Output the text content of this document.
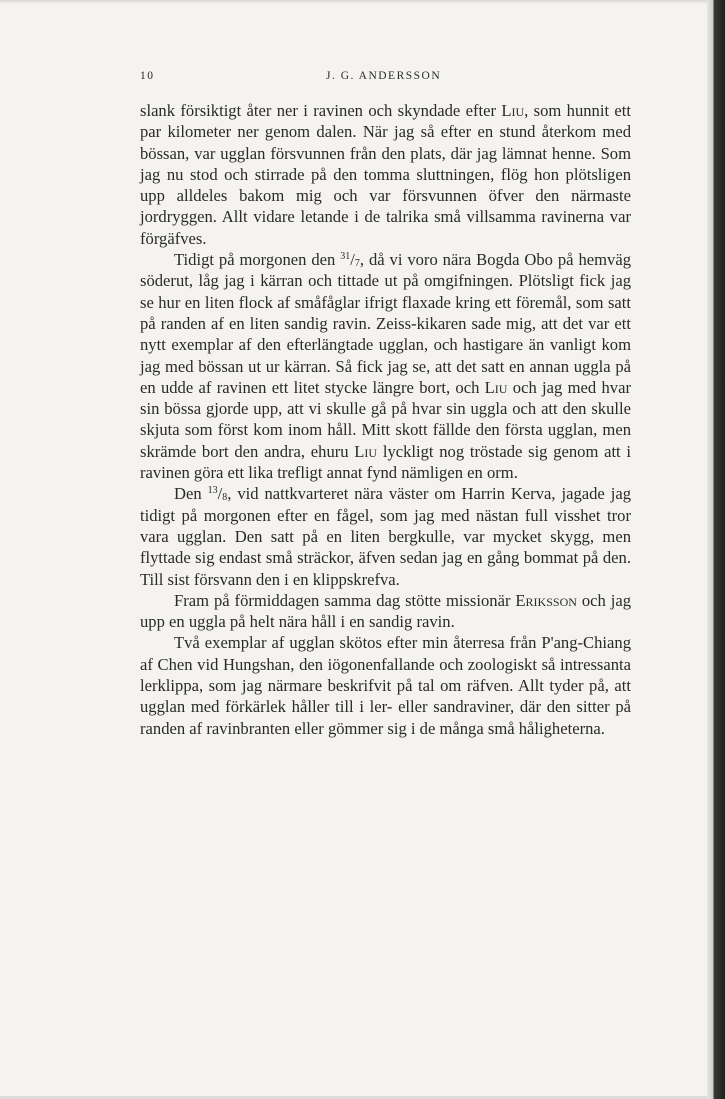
10	J. G. ANDERSSON

slank försiktigt åter ner i ravinen och skyndade efter Liu, som hunnit ett par kilometer ner genom dalen. När jag så efter en stund återkom med bössan, var ugglan försvunnen från den plats, där jag lämnat henne. Som jag nu stod och stirrade på den tomma sluttningen, flög hon plötsligen upp alldeles bakom mig och var försvunnen öfver den närmaste jordryggen. Allt vidare letande i de talrika små villsamma ravinerna var förgäfves.

Tidigt på morgonen den $^{31}/_7$, då vi voro nära Bogda Obo på hemväg söderut, låg jag i kärran och tittade ut på omgifningen. Plötsligt fick jag se hur en liten flock af småfåglar ifrigt flaxade kring ett föremål, som satt på randen af en liten sandig ravin. Zeiss-kikaren sade mig, att det var ett nytt exemplar af den efterlängtade ugglan, och hastigare än vanligt kom jag med bössan ut ur kärran. Så fick jag se, att det satt en annan uggla på en udde af ravinen ett litet stycke längre bort, och Liu och jag med hvar sin bössa gjorde upp, att vi skulle gå på hvar sin uggla och att den skulle skjuta som först kom inom håll. Mitt skott fällde den första ugglan, men skrämde bort den andra, ehuru Liu lyckligt nog tröstade sig genom att i ravinen göra ett lika trefligt annat fynd nämligen en orm.

Den $^{13}/_8$, vid nattkvarteret nära väster om Harrin Kerva, jagade jag tidigt på morgonen efter en fågel, som jag med nästan full visshet tror vara ugglan. Den satt på en liten bergkulle, var mycket skygg, men flyttade sig endast små sträckor, äfven sedan jag en gång bommat på den. Till sist försvann den i en klippskrefva.

Fram på förmiddagen samma dag stötte missionär Eriksson och jag upp en uggla på helt nära håll i en sandig ravin.

Två exemplar af ugglan skötos efter min återresa från P'ang-Chiang af Chen vid Hungshan, den iögonenfallande och zoologiskt så intressanta lerklippa, som jag närmare beskrifvit på tal om räfven. Allt tyder på, att ugglan med förkärlek håller till i ler- eller sandraviner, där den sitter på randen af ravinbranten eller gömmer sig i de många små håligheterna.
